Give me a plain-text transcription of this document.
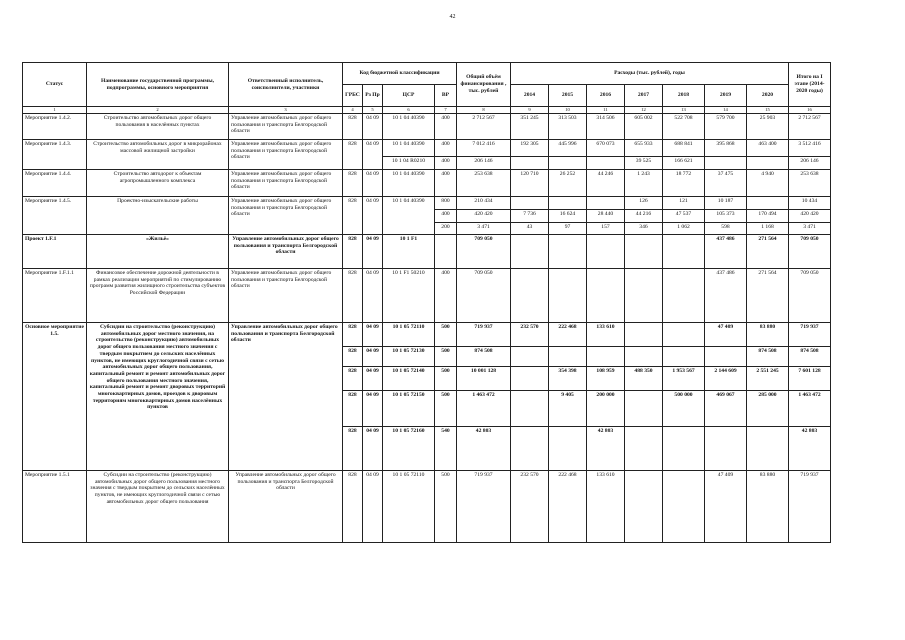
42
Статус	Наименование государственной программы, подпрограммы, основного мероприятия	Ответственный исполнитель, соисполнители, участники	Код бюджетной классификации				Общий объём финансирования , тыс. рублей	Расходы (тыс. рублей), годы							Итого на I этапе (2014-2020 годы)
			ГРБС	Рз Пр	ЦСР	ВР		2014	2015	2016	2017	2018	2019	2020	
1	2	3	4	5	6	7	8	9	10	11	12	13	14	15	16
Мероприятие 1.4.2.	Строительство автомобильных дорог общего пользования в населённых пунктах	Управление автомобильных дорог общего пользования и транспорта Белгородской области	828	04 09	10 1 04 40390	400	2 712 567	351 245	313 503	314 506	605 002	522 708	579 700	25 903	2 712 567
Мероприятие 1.4.3.	Строительство автомобильных дорог в микрорайонах массовой жилищной застройки	Управление автомобильных дорог общего пользования и транспорта Белгородской области	828	04 09	10 1 04 40390	400	7 012 416	192 305	445 996	670 073	655 933	688 841	395 868	463 400	3 512 416
					10 1 04 R0210	400	206 146				39 525	166 621			206 146
Мероприятие 1.4.4.	Строительство автодорог к объектам агропромышленного комплекса	Управление автомобильных дорог общего пользования и транспорта Белгородской области	828	04 09	10 1 04 40390	400	253 638	120 710	26 252	44 246	1 243	18 772	37 475	4 940	253 638
Мероприятие 1.4.5.	Проектно-изыскательские работы	Управление автомобильных дорог общего пользования и транспорта Белгородской области	828	04 09	10 1 04 40390	800	210 434				126	121	10 187		10 434
						400	420 420	7 736	16 624	28 440	44 216	47 537	105 373	170 494	420 420
						200	3 471	43	97	157	346	1 062	598	1 168	3 471
Проект 1.F.1	«Жильё»	Управление автомобильных дорог общего пользования и транспорта Белгородской области	828	04 09	10 1 F1		709 050						437 486	271 564	709 050
Мероприятие 1.F.1.1	Финансовое обеспечение дорожной деятельности в рамках реализации мероприятий по стимулированию программ развития жилищного строительства субъектов Российской Федерации	Управление автомобильных дорог общего пользования и транспорта Белгородской области	828	04 09	10 1 F1 50210	400	709 050						437 486	271 564	709 050
Основное мероприятие 1.5.	Субсидии на строительство (реконструкцию) автомобильных дорог местного значения, на строительство (реконструкцию) автомобильных дорог общего пользования местного значения с твердым покрытием до сельских населённых пунктов, не имеющих круглогодичной связи с сетью автомобильных дорог общего пользования, капитальный ремонт и ремонт автомобильных дорог общего пользования местного значения, капитальный ремонт и ремонт дворовых территорий многоквартирных домов, проездов к дворовым территориям многоквартирных домов населённых пунктов	Управление автомобильных дорог общего пользования и транспорта Белгородской области	828	04 09	10 1 05 72110	500	719 937	232 570	222 468	133 610			47 409	83 880	719 937
			828	04 09	10 1 05 72130	500	874 508							874 508	874 508
			828	04 09	10 1 05 72140	500	10 001 128		354 398	108 959	488 350	1 953 567	2 144 609	2 551 245	7 601 128
			828	04 09	10 1 05 72150	500	1 463 472		9 405	200 000		500 000	469 067	285 000	1 463 472
			828	04 09	10 1 05 72160	540	42 803			42 803					42 803
Мероприятие 1.5.1	Субсидии на строительство (реконструкцию) автомобильных дорог общего пользования местного значения с твердым покрытием до сельских населённых пунктов, не имеющих круглогодичной связи с сетью автомобильных дорог общего пользования	Управление автомобильных дорог общего пользования и транспорта Белгородской области	828	04 09	10 1 05 72110	500	719 937	232 570	222 468	133 610			47 409	83 880	719 937
